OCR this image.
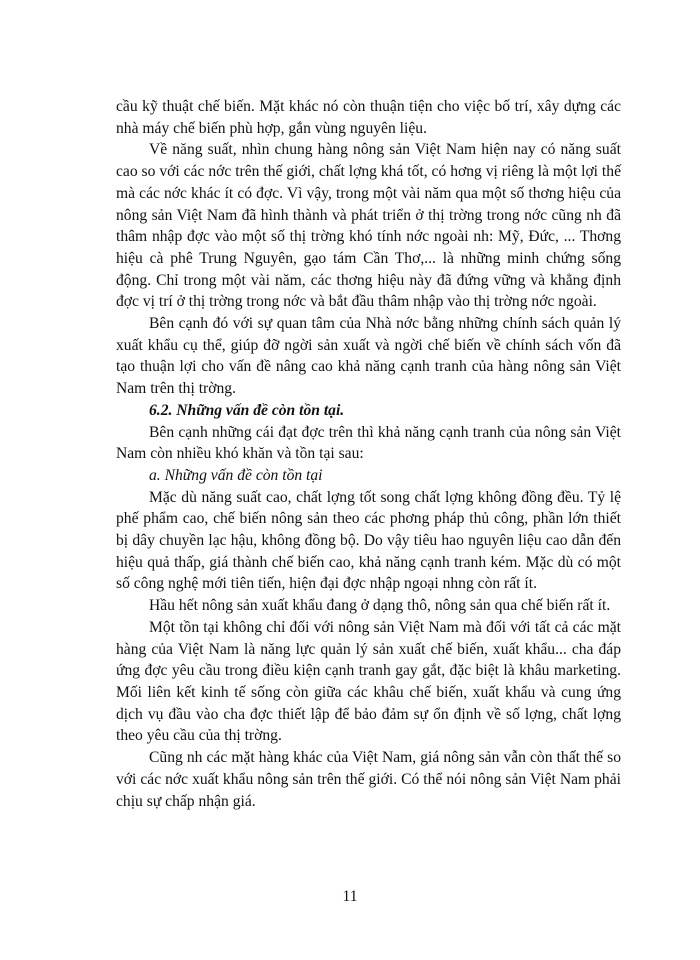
cầu kỹ thuật chế biến. Mặt khác nó còn thuận tiện cho việc bố trí, xây dựng các nhà máy chế biến phù hợp, gắn vùng nguyên liệu.

Về năng suất, nhìn chung hàng nông sản Việt Nam hiện nay có năng suất cao so với các nớc trên thế giới, chất lợng khá tốt, có hơng vị riêng là một lợi thế mà các nớc khác ít có đợc. Vì vậy, trong một vài năm qua một số thơng hiệu của nông sản Việt Nam đã hình thành và phát triển ở thị trờng trong nớc cũng nh đã thâm nhập đợc vào một số thị trờng khó tính nớc ngoài nh: Mỹ, Đức, ... Thơng hiệu cà phê Trung Nguyên, gạo tám Cần Thơ,... là những minh chứng sống động. Chỉ trong một vài năm, các thơng hiệu này đã đứng vững và khẳng định đợc vị trí ở thị trờng trong nớc và bắt đầu thâm nhập vào thị trờng nớc ngoài.

Bên cạnh đó với sự quan tâm của Nhà nớc bằng những chính sách quản lý xuất khẩu cụ thể, giúp đỡ ngời sản xuất và ngời chế biến về chính sách vốn đã tạo thuận lợi cho vấn đề nâng cao khả năng cạnh tranh của hàng nông sản Việt Nam trên thị trờng.

6.2. Những vấn đề còn tồn tại.

Bên cạnh những cái đạt đợc trên thì khả năng cạnh tranh của nông sản Việt Nam còn nhiều khó khăn và tồn tại sau:

a. Những vấn đề còn tồn tại

Mặc dù năng suất cao, chất lợng tốt song chất lợng không đồng đều. Tỷ lệ phế phẩm cao, chế biến nông sản theo các phơng pháp thủ công, phần lớn thiết bị dây chuyền lạc hậu, không đồng bộ. Do vậy tiêu hao nguyên liệu cao dẫn đến hiệu quả thấp, giá thành chế biến cao, khả năng cạnh tranh kém. Mặc dù có một số công nghệ mới tiên tiến, hiện đại đợc nhập ngoại nhng còn rất ít.

Hầu hết nông sản xuất khẩu đang ở dạng thô, nông sản qua chế biến rất ít.

Một tồn tại không chỉ đối với nông sản Việt Nam mà đối với tất cả các mặt hàng của Việt Nam là năng lực quản lý sản xuất chế biến, xuất khẩu... cha đáp ứng đợc yêu cầu trong điều kiện cạnh tranh gay gắt, đặc biệt là khâu marketing. Mối liên kết kinh tế sống còn giữa các khâu chế biến, xuất khẩu và cung ứng dịch vụ đầu vào cha đợc thiết lập để bảo đảm sự ổn định về số lợng, chất lợng theo yêu cầu của thị trờng.

Cũng nh các mặt hàng khác của Việt Nam, giá nông sản vẫn còn thất thế so với các nớc xuất khẩu nông sản trên thế giới. Có thể nói nông sản Việt Nam phải chịu sự chấp nhận giá.

11
